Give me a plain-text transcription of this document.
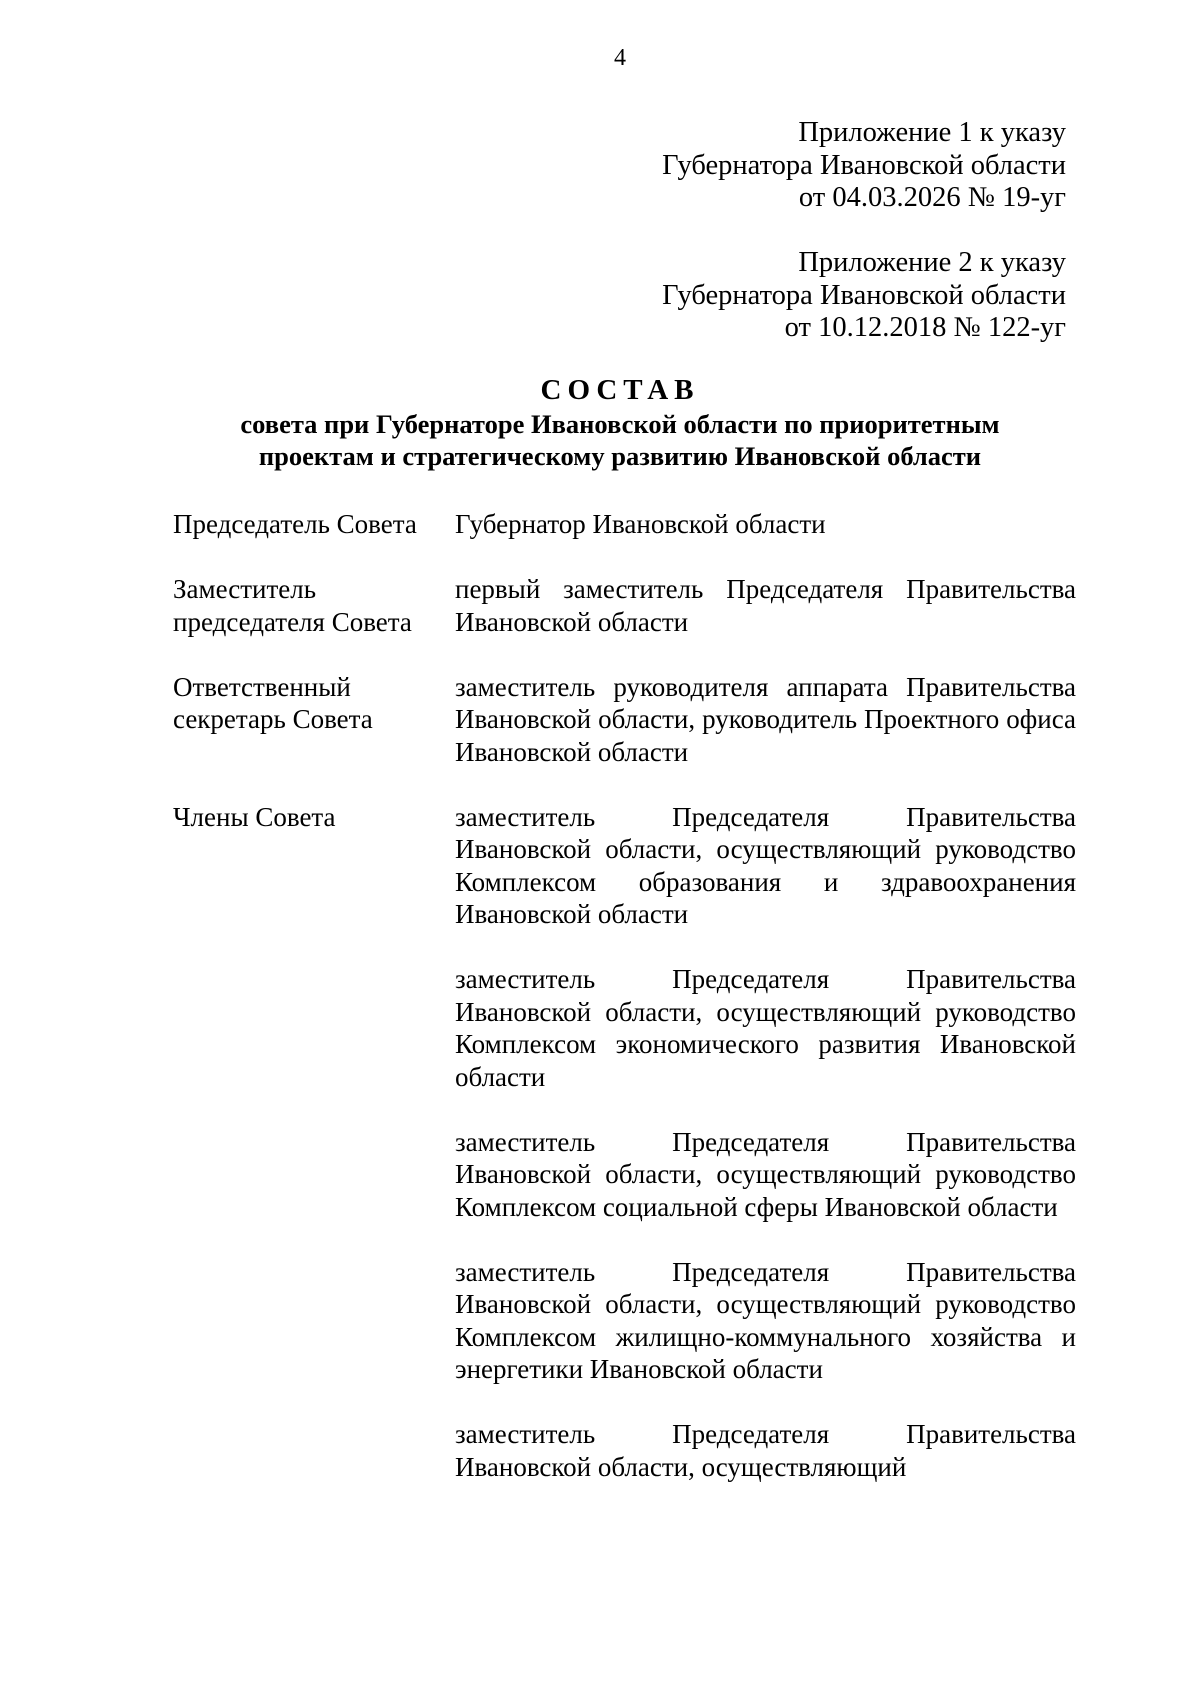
4
Приложение 1 к указу
Губернатора Ивановской области
от 04.03.2026 № 19-уг
Приложение 2 к указу
Губернатора Ивановской области
от 10.12.2018 № 122-уг
СОСТАВ
совета при Губернаторе Ивановской области по приоритетным
проектам и стратегическому развитию Ивановской области
Председатель Совета	Губернатор Ивановской области
Заместитель председателя Совета
первый заместитель Председателя Правительства Ивановской области
Ответственный секретарь Совета
заместитель руководителя аппарата Правительства Ивановской области, руководитель Проектного офиса Ивановской области
Члены Совета	заместитель Председателя Правительства Ивановской области, осуществляющий руководство Комплексом образования и здравоохранения Ивановской области
заместитель Председателя Правительства Ивановской области, осуществляющий руководство Комплексом экономического развития Ивановской области
заместитель Председателя Правительства Ивановской области, осуществляющий руководство Комплексом социальной сферы Ивановской области
заместитель Председателя Правительства Ивановской области, осуществляющий руководство Комплексом жилищно-коммунального хозяйства и энергетики Ивановской области
заместитель Председателя Правительства Ивановской области, осуществляющий
